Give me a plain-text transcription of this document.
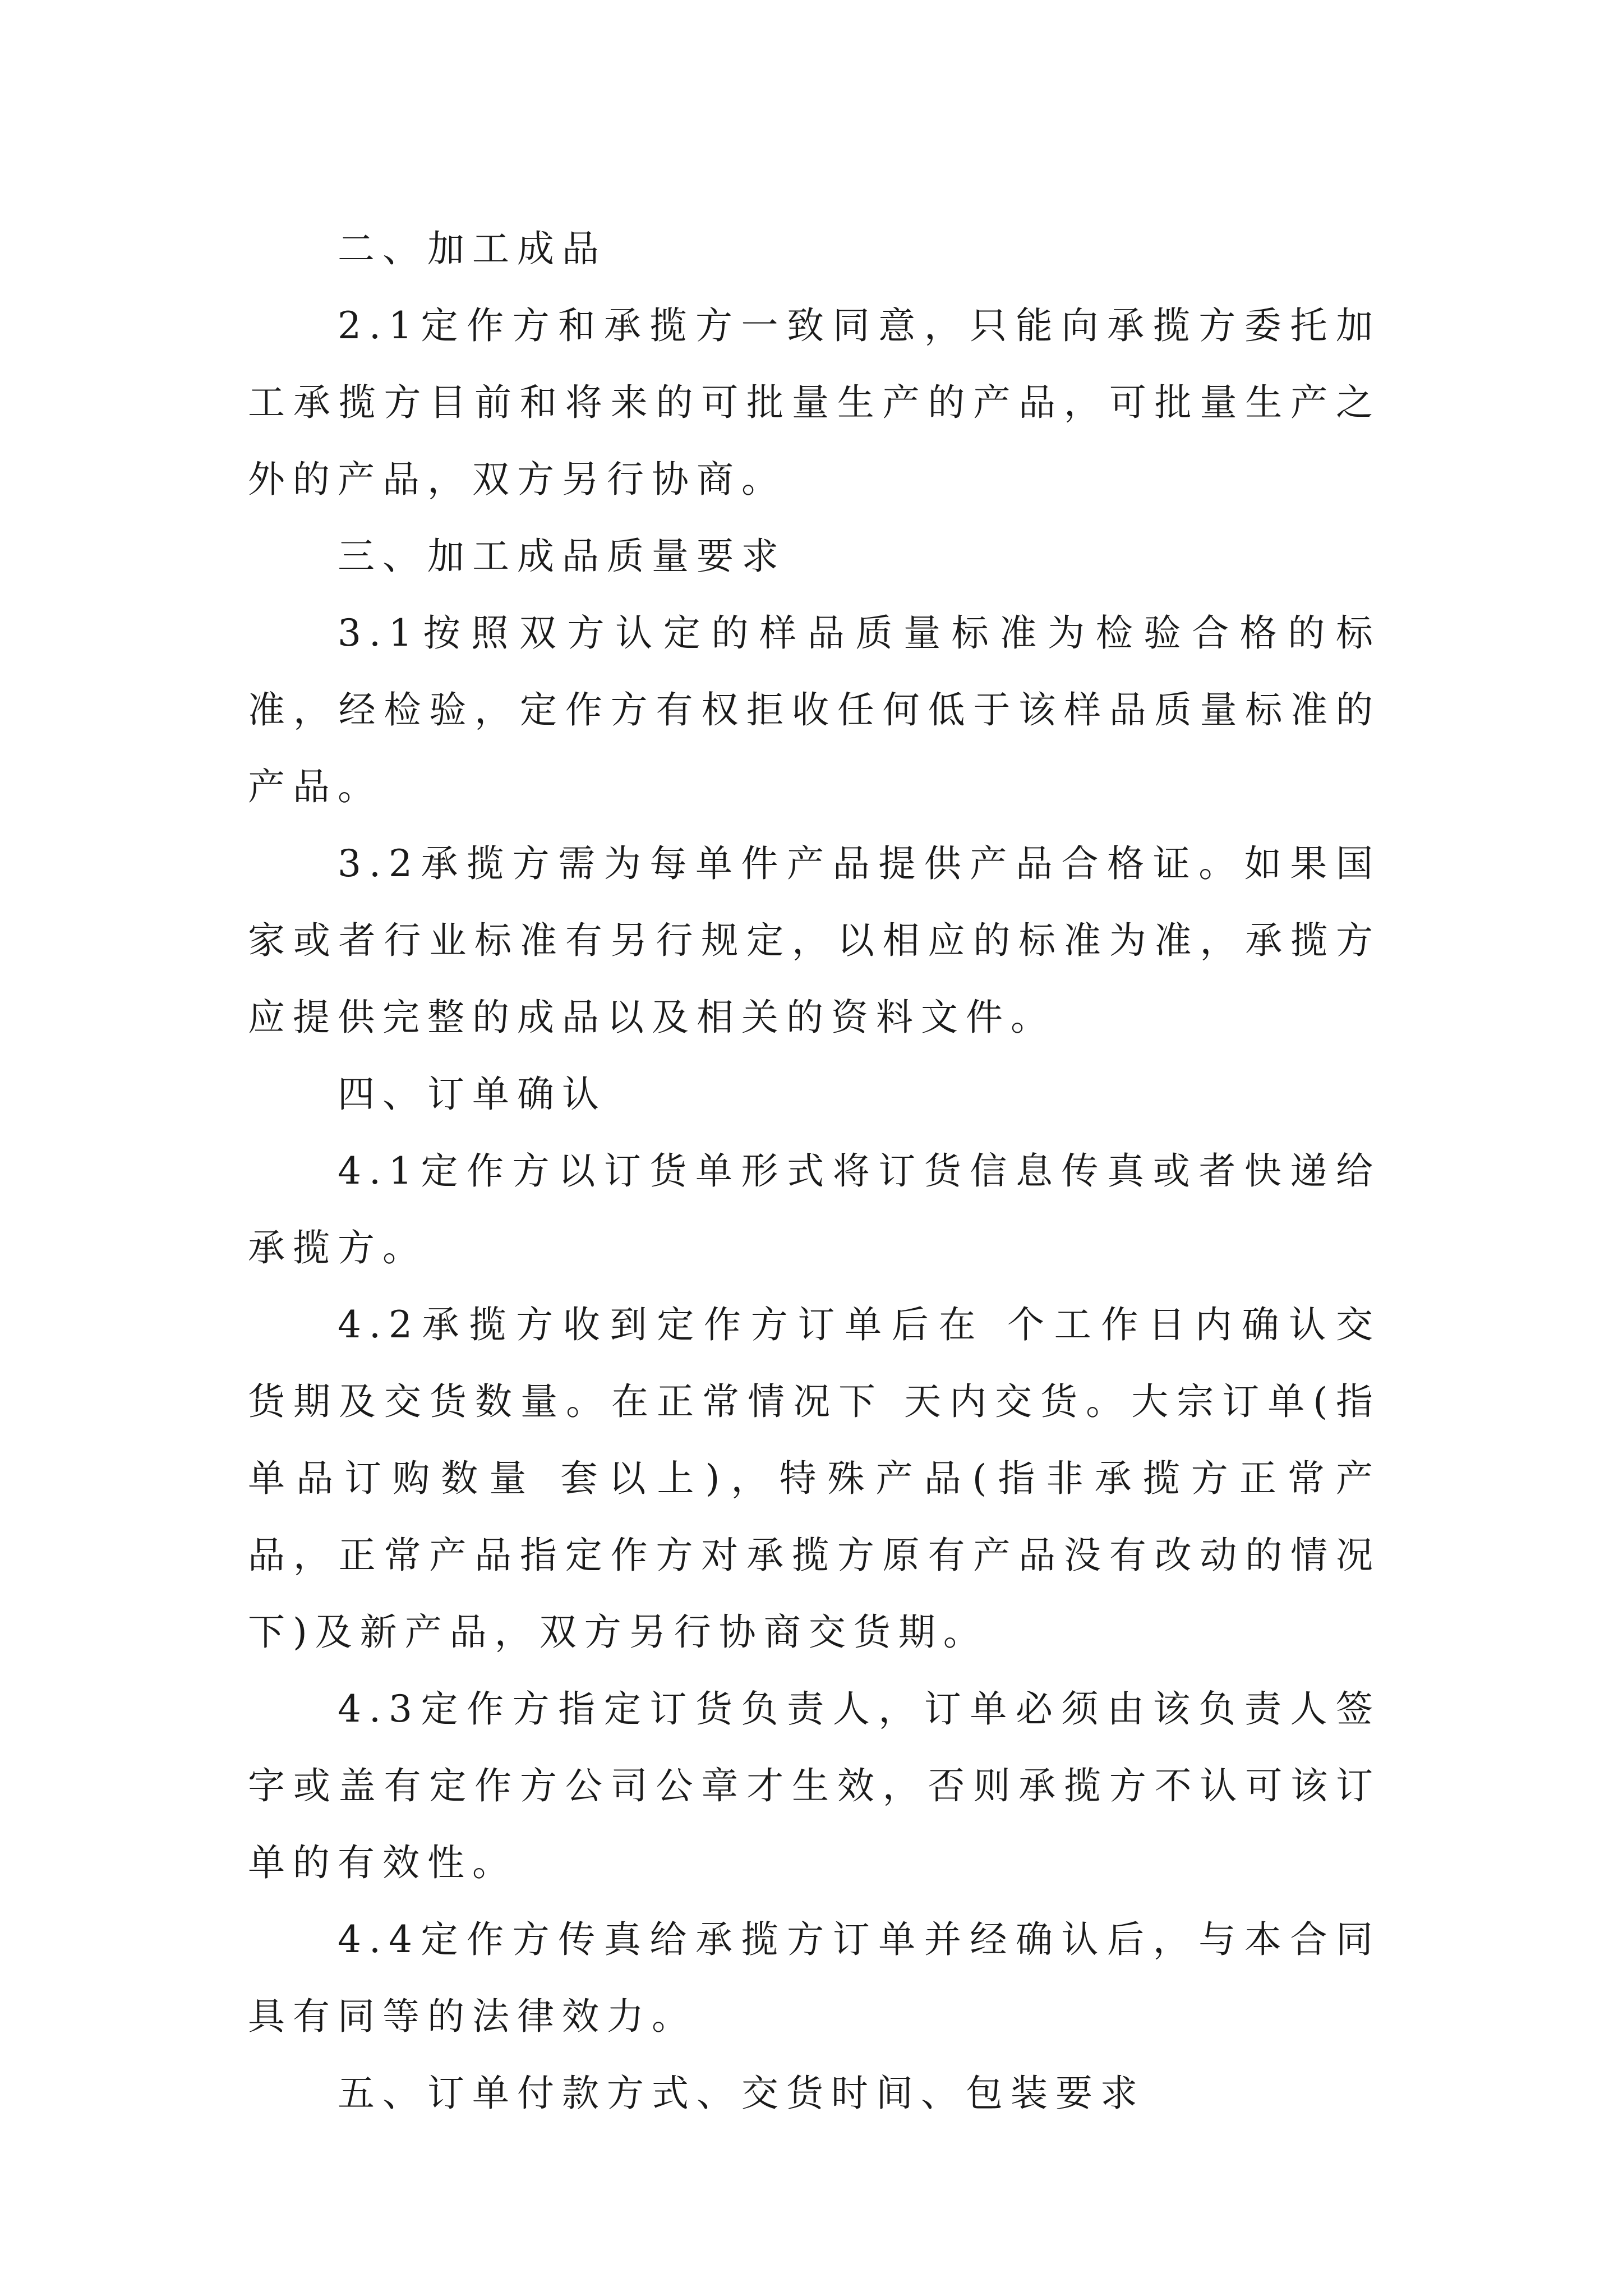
二、加工成品

2.1定作方和承揽方一致同意，只能向承揽方委托加工承揽方目前和将来的可批量生产的产品，可批量生产之外的产品，双方另行协商。

三、加工成品质量要求

3.1按照双方认定的样品质量标准为检验合格的标准，经检验，定作方有权拒收任何低于该样品质量标准的产品。

3.2承揽方需为每单件产品提供产品合格证。如果国家或者行业标准有另行规定，以相应的标准为准，承揽方应提供完整的成品以及相关的资料文件。

四、订单确认

4.1定作方以订货单形式将订货信息传真或者快递给承揽方。

4.2承揽方收到定作方订单后在 个工作日内确认交货期及交货数量。在正常情况下 天内交货。大宗订单(指单品订购数量 套以上)，特殊产品(指非承揽方正常产品，正常产品指定作方对承揽方原有产品没有改动的情况下)及新产品，双方另行协商交货期。

4.3定作方指定订货负责人，订单必须由该负责人签字或盖有定作方公司公章才生效，否则承揽方不认可该订单的有效性。

4.4定作方传真给承揽方订单并经确认后，与本合同具有同等的法律效力。

五、订单付款方式、交货时间、包装要求
